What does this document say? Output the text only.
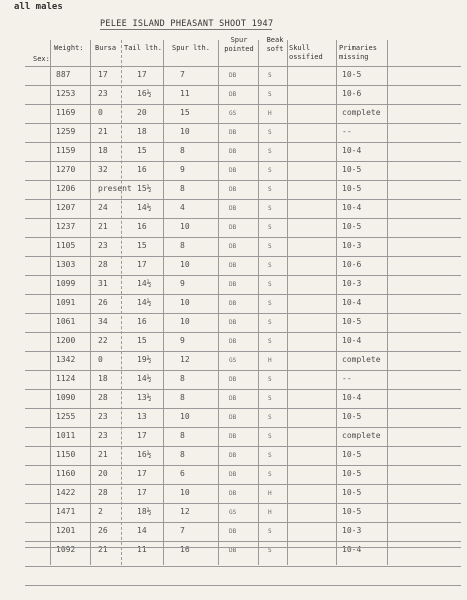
all males
PELEE ISLAND PHEASANT SHOOT 1947
Sex:
Weight: Bursa Tail lth. Spur lth.
Spur pointed
Beak soft Skull ossified
Primaries missing
887	17	17	7	DB	S	10-5
1253	23	16½	11	DB	S	10-6
1169	0	20	15	GS	H	complete
1259	21	18	10	DB	S	--
1159	18	15	8	DB	S	10-4
1270	32	16	9	DB	S	10-5
1206	present 15½	8	DB	S	10-5
1207	24	14½	4	DB	S	10-4
1237	21	16	10	DB	S	10-5
1105	23	15	8	DB	S	10-3
1303	28	17	10	DB	S	10-6
1099	31	14½	9	DB	S	10-3
1091	26	14½	10	DB	S	10-4
1061	34	16	10	DB	S	10-5
1200	22	15	9	DB	S	10-4
1342	0	19½	12	GS	H	complete
1124	18	14½	8	DB	S	--
1090	28	13½	8	DB	S	10-4
1255	23	13	10	DB	S	10-5
1011	23	17	8	DB	S	complete
1150	21	16½	8	DB	S	10-5
1160	20	17	6	DB	S	10-5
1422	28	17	10	DB	H	10-5
1471	2	18½	12	GS	H	10-5
1201	26	14	7	DB	S	10-3
1092	21	11	16	DB	S	10-4
